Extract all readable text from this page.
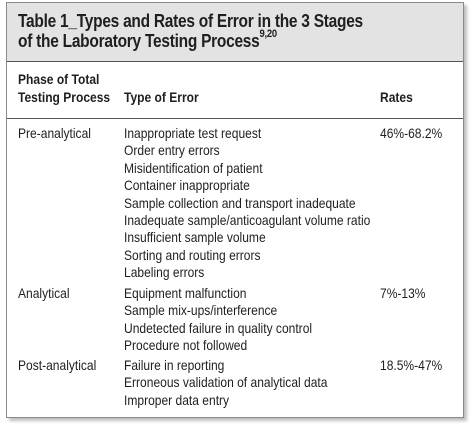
Table 1_Types and Rates of Error in the 3 Stages
of the Laboratory Testing Process$^{9,20}$
Phase of Total
Testing Process Type of Error	Rates
Pre-analytical Inappropriate test request
Order entry errors
Misidentification of patient
Container inappropriate
Sample collection and transport inadequate
Inadequate sample/anticoagulant volume ratio
Insufficient sample volume
Sorting and routing errors
Labeling errors
46%-68.2%
Analytical	Equipment malfunction
Sample mix-ups/interference
Undetected failure in quality control
Procedure not followed
7%-13%
Post-analytical Failure in reporting
Erroneous validation of analytical data
Improper data entry
18.5%-47%
